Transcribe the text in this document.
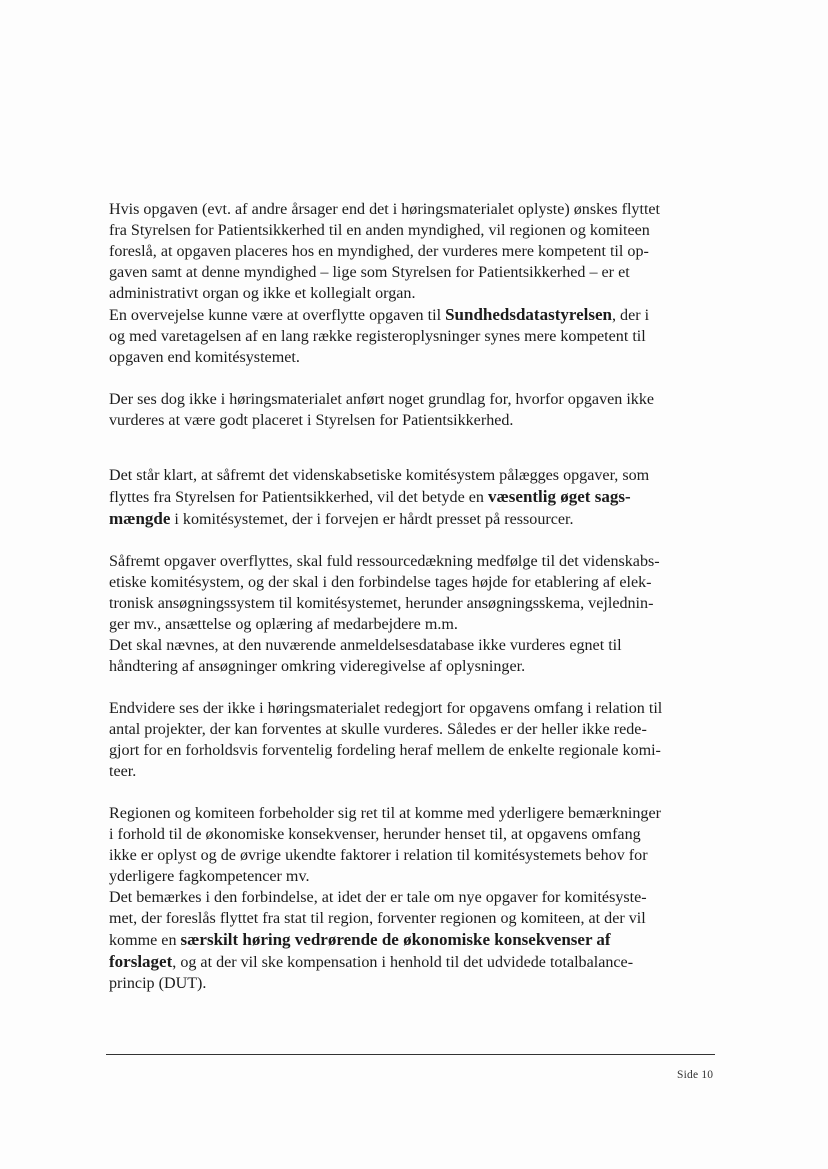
Hvis opgaven (evt. af andre årsager end det i høringsmaterialet oplyste) ønskes flyttet
fra Styrelsen for Patientsikkerhed til en anden myndighed, vil regionen og komiteen
foreslå, at opgaven placeres hos en myndighed, der vurderes mere kompetent til op-
gaven samt at denne myndighed – lige som Styrelsen for Patientsikkerhed – er et
administrativt organ og ikke et kollegialt organ.

En overvejelse kunne være at overflytte opgaven til Sundhedsdatastyrelsen, der i
og med varetagelsen af en lang række registeroplysninger synes mere kompetent til
opgaven end komitésystemet.

Der ses dog ikke i høringsmaterialet anført noget grundlag for, hvorfor opgaven ikke
vurderes at være godt placeret i Styrelsen for Patientsikkerhed.

Det står klart, at såfremt det videnskabsetiske komitésystem pålægges opgaver, som
flyttes fra Styrelsen for Patientsikkerhed, vil det betyde en væsentlig øget sags-
mængde i komitésystemet, der i forvejen er hårdt presset på ressourcer.

Såfremt opgaver overflyttes, skal fuld ressourcedækning medfølge til det videnskabs-
etiske komitésystem, og der skal i den forbindelse tages højde for etablering af elek-
tronisk ansøgningssystem til komitésystemet, herunder ansøgningsskema, vejlednin-
ger mv., ansættelse og oplæring af medarbejdere m.m.
Det skal nævnes, at den nuværende anmeldelsesdatabase ikke vurderes egnet til
håndtering af ansøgninger omkring videregivelse af oplysninger.

Endvidere ses der ikke i høringsmaterialet redegjort for opgavens omfang i relation til
antal projekter, der kan forventes at skulle vurderes. Således er der heller ikke rede-
gjort for en forholdsvis forventelig fordeling heraf mellem de enkelte regionale komi-
teer.

Regionen og komiteen forbeholder sig ret til at komme med yderligere bemærkninger
i forhold til de økonomiske konsekvenser, herunder henset til, at opgavens omfang
ikke er oplyst og de øvrige ukendte faktorer i relation til komitésystemets behov for
yderligere fagkompetencer mv.
Det bemærkes i den forbindelse, at idet der er tale om nye opgaver for komitésyste-
met, der foreslås flyttet fra stat til region, forventer regionen og komiteen, at der vil
komme en særskilt høring vedrørende de økonomiske konsekvenser af
forslaget, og at der vil ske kompensation i henhold til det udvidede totalbalance-
princip (DUT).

Side 10
